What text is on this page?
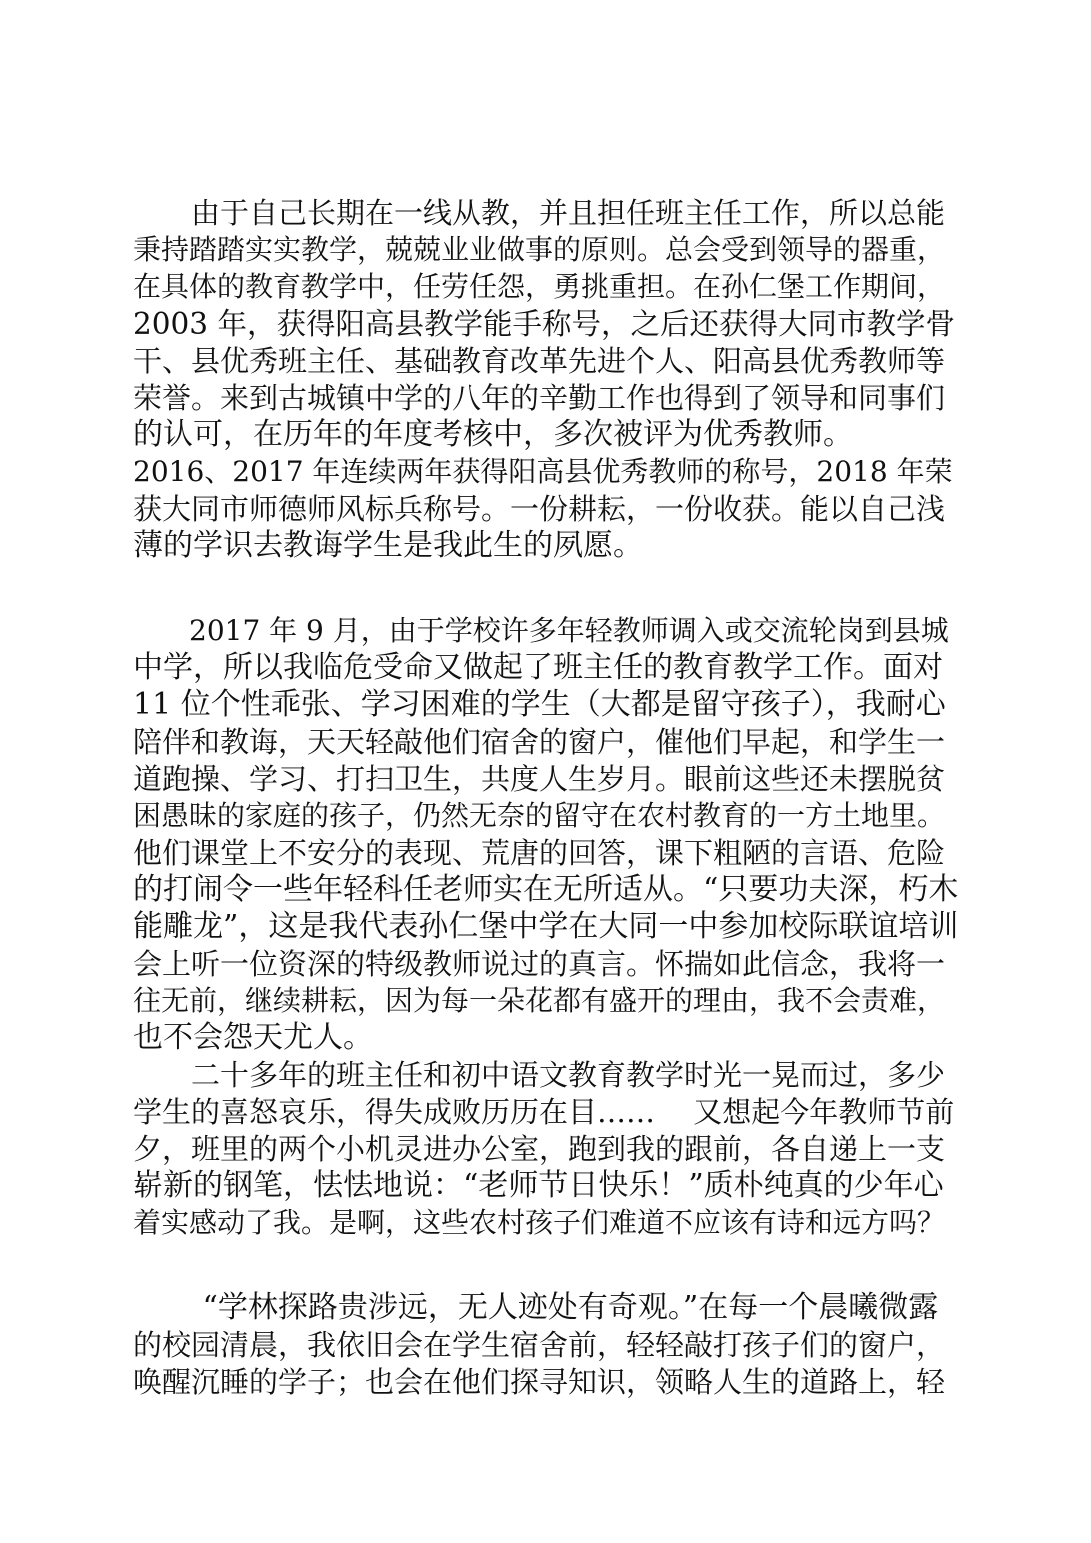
　　由于自己长期在一线从教，并且担任班主任工作，所以总能
秉持踏踏实实教学，兢兢业业做事的原则。总会受到领导的器重，
在具体的教育教学中，任劳任怨，勇挑重担。在孙仁堡工作期间，
2003 年，获得阳高县教学能手称号，之后还获得大同市教学骨
干、县优秀班主任、基础教育改革先进个人、阳高县优秀教师等
荣誉。来到古城镇中学的八年的辛勤工作也得到了领导和同事们
的认可，在历年的年度考核中，多次被评为优秀教师。
2016、2017 年连续两年获得阳高县优秀教师的称号，2018 年荣
获大同市师德师风标兵称号。一份耕耘，一份收获。能以自己浅
薄的学识去教诲学生是我此生的夙愿。
　　2017 年 9 月，由于学校许多年轻教师调入或交流轮岗到县城
中学，所以我临危受命又做起了班主任的教育教学工作。面对
11 位个性乖张、学习困难的学生（大都是留守孩子），我耐心
陪伴和教诲，天天轻敲他们宿舍的窗户，催他们早起，和学生一
道跑操、学习、打扫卫生，共度人生岁月。眼前这些还未摆脱贫
困愚昧的家庭的孩子，仍然无奈的留守在农村教育的一方土地里。
他们课堂上不安分的表现、荒唐的回答，课下粗陋的言语、危险
的打闹令一些年轻科任老师实在无所适从。“只要功夫深，朽木
能雕龙”，这是我代表孙仁堡中学在大同一中参加校际联谊培训
会上听一位资深的特级教师说过的真言。怀揣如此信念，我将一
往无前，继续耕耘，因为每一朵花都有盛开的理由，我不会责难，
也不会怨天尤人。
　　二十多年的班主任和初中语文教育教学时光一晃而过，多少
学生的喜怒哀乐，得失成败历历在目……　 又想起今年教师节前
夕，班里的两个小机灵进办公室，跑到我的跟前，各自递上一支
崭新的钢笔，怯怯地说：“老师节日快乐！”质朴纯真的少年心
着实感动了我。是啊，这些农村孩子们难道不应该有诗和远方吗？
　　 “学林探路贵涉远，无人迹处有奇观。”在每一个晨曦微露
的校园清晨，我依旧会在学生宿舍前，轻轻敲打孩子们的窗户，
唤醒沉睡的学子；也会在他们探寻知识，领略人生的道路上，轻
